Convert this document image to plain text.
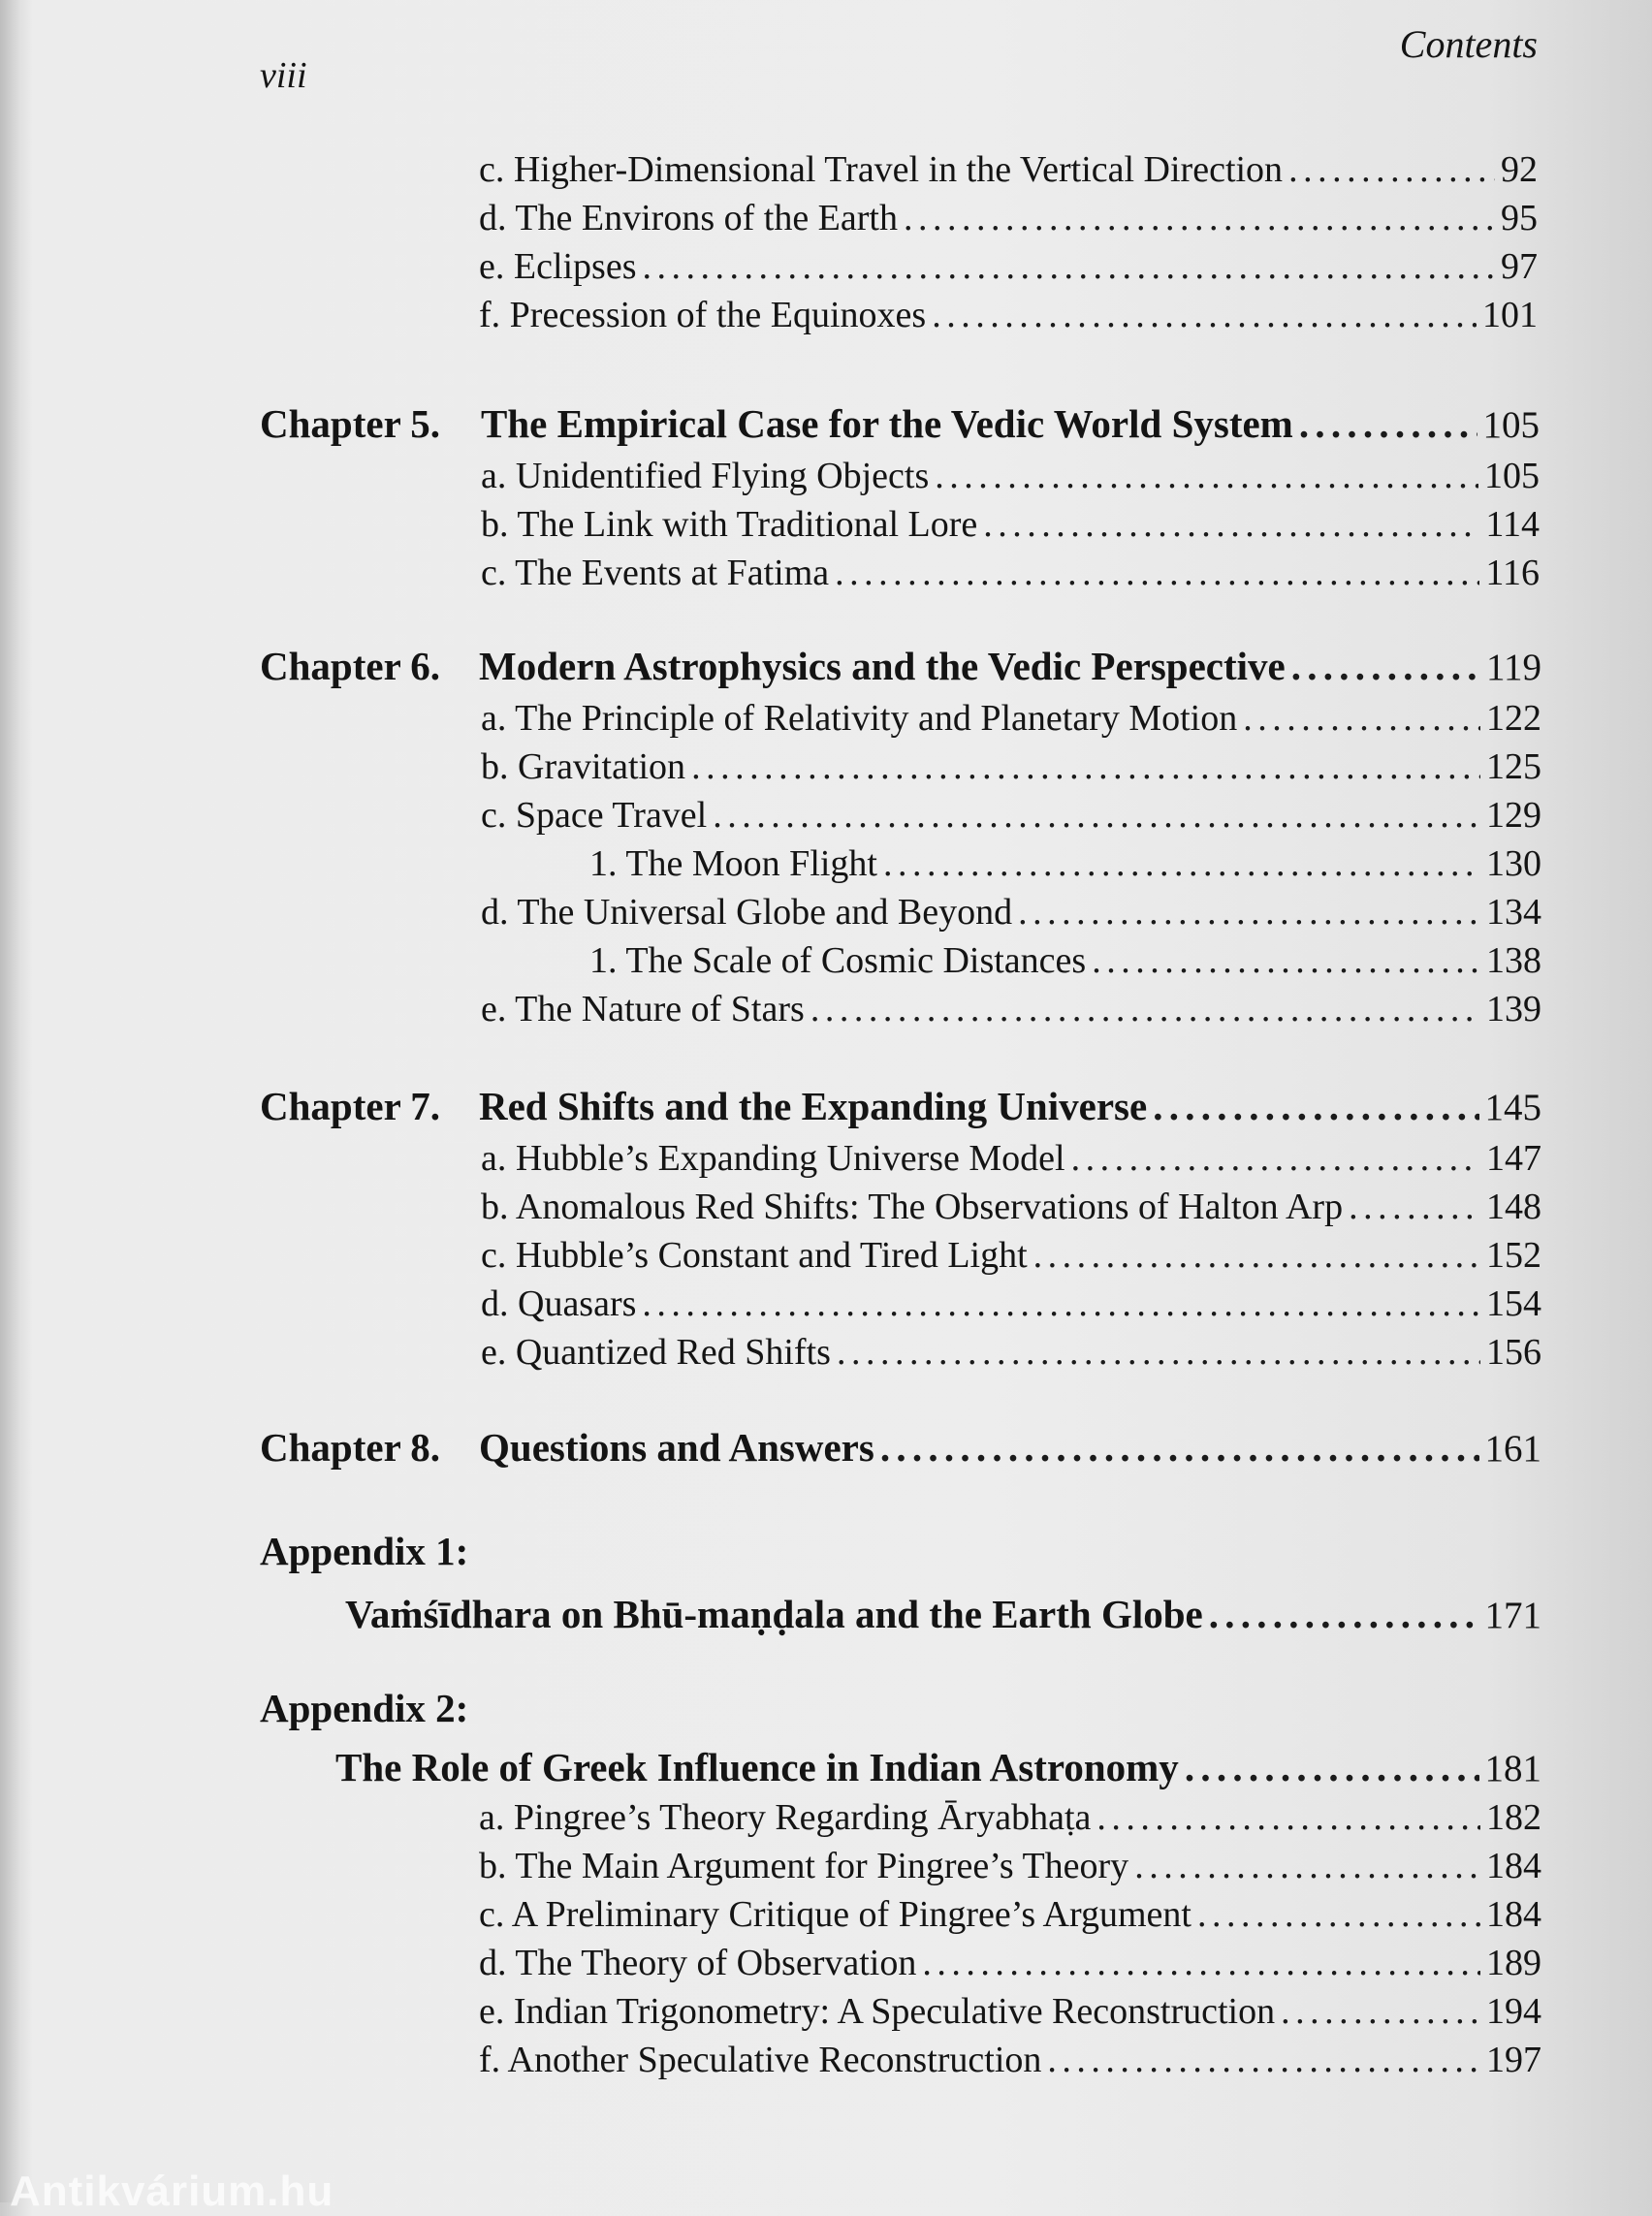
viii
Contents
c. Higher-Dimensional Travel in the Vertical Direction . . .	92
d. The Environs of the Earth . . .	95
e. Eclipses . . .	97
f. Precession of the Equinoxes . . .	101
Chapter 5. The Empirical Case for the Vedic World System . . .	105
a. Unidentified Flying Objects . . .	105
b. The Link with Traditional Lore . . .	114
c. The Events at Fatima . . .	116
Chapter 6. Modern Astrophysics and the Vedic Perspective . . .	119
a. The Principle of Relativity and Planetary Motion . . .	122
b. Gravitation . . .	125
c. Space Travel . . .	129
1. The Moon Flight . . .	130
d. The Universal Globe and Beyond . . .	134
1. The Scale of Cosmic Distances . . .	138
e. The Nature of Stars . . .	139
Chapter 7. Red Shifts and the Expanding Universe . . .	145
a. Hubble’s Expanding Universe Model . . .	147
b. Anomalous Red Shifts: The Observations of Halton Arp . . .	148
c. Hubble’s Constant and Tired Light . . .	152
d. Quasars . . .	154
e. Quantized Red Shifts . . .	156
Chapter 8. Questions and Answers . . .	161
Appendix 1:
Vaṁśīdhara on Bhū-maṇḍala and the Earth Globe . . .	171
Appendix 2:
The Role of Greek Influence in Indian Astronomy . . .	181
a. Pingree’s Theory Regarding Āryabhaṭa . . .	182
b. The Main Argument for Pingree’s Theory . . .	184
c. A Preliminary Critique of Pingree’s Argument . . .	184
d. The Theory of Observation . . .	189
e. Indian Trigonometry: A Speculative Reconstruction . . .	194
f. Another Speculative Reconstruction . . .	197
Antikvárium.hu
